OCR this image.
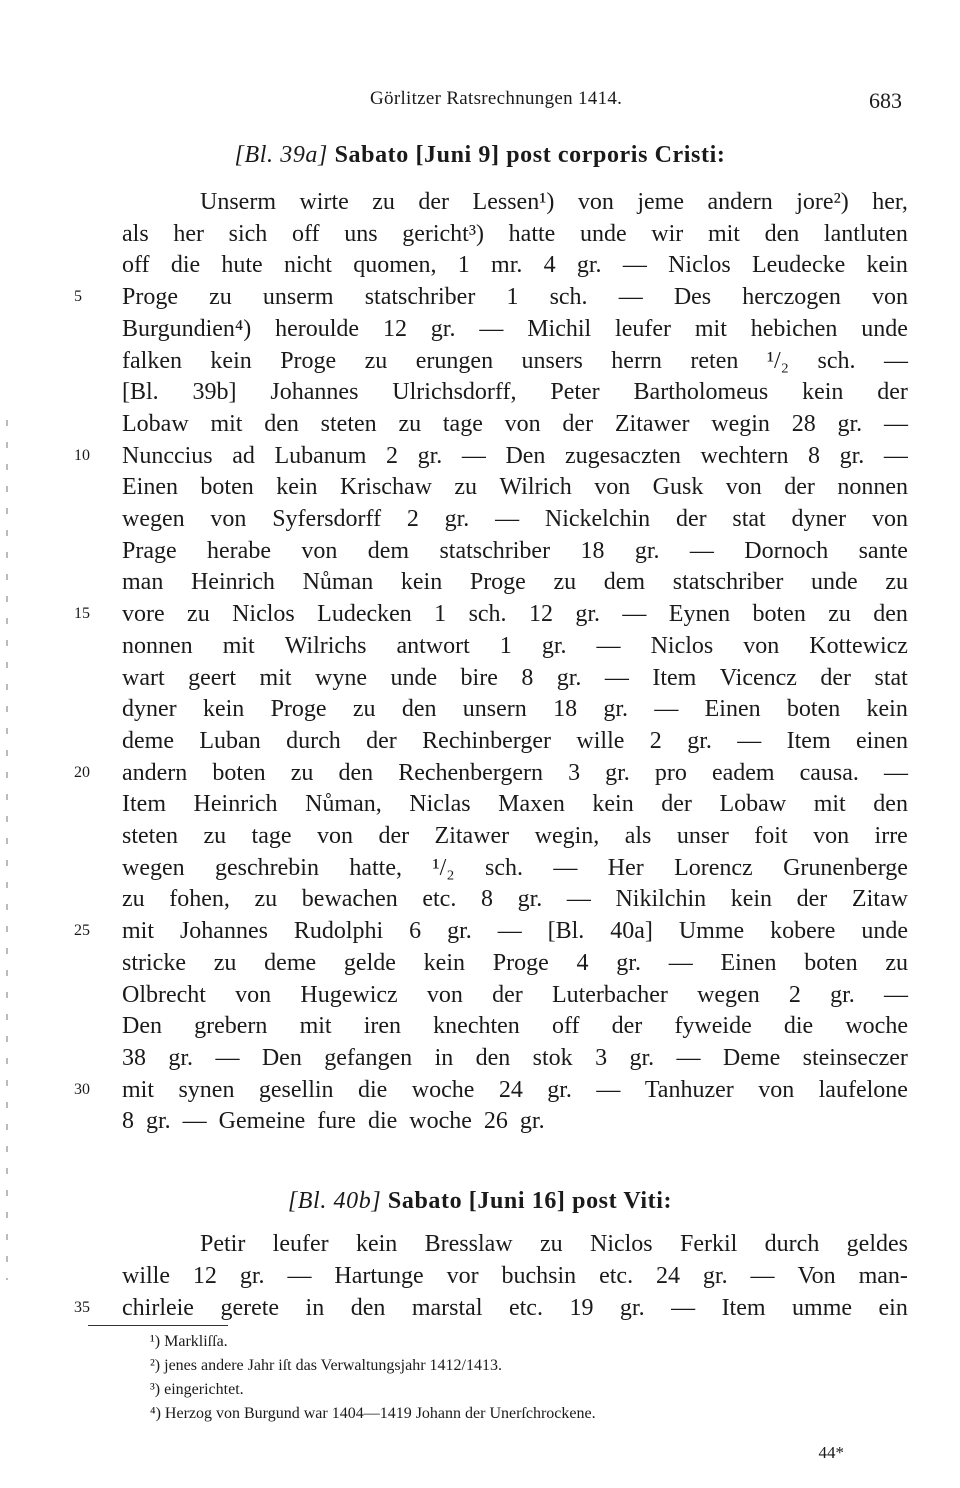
Görlitzer Ratsrechnungen 1414.	683
[Bl. 39a] Sabato [Juni 9] post corporis Cristi:
Unserm wirte zu der Lessen¹) von jeme andern jore²) her,
als her sich off uns gericht³) hatte unde wir mit den lantluten
off die hute nicht quomen, 1 mr. 4 gr. — Niclos Leudecke kein
Proge zu unserm statschriber 1 sch. — Des herczogen von
5
Burgundien⁴) heroulde 12 gr. — Michil leufer mit hebichen unde
falken kein Proge zu erungen unsers herrn reten ¹/₂ sch. —
[Bl. 39b] Johannes Ulrichsdorff, Peter Bartholomeus kein der
Lobaw mit den steten zu tage von der Zitawer wegin 28 gr. —
Nunccius ad Lubanum 2 gr. — Den zugesaczten wechtern 8 gr. —
10
Einen boten kein Krischaw zu Wilrich von Gusk von der nonnen
wegen von Syfersdorff 2 gr. — Nickelchin der stat dyner von
Prage herabe von dem statschriber 18 gr. — Dornoch sante
man Heinrich Nůman kein Proge zu dem statschriber unde zu
vore zu Niclos Ludecken 1 sch. 12 gr. — Eynen boten zu den
15
nonnen mit Wilrichs antwort 1 gr. — Niclos von Kottewicz
wart geert mit wyne unde bire 8 gr. — Item Vicencz der stat
dyner kein Proge zu den unsern 18 gr. — Einen boten kein
deme Luban durch der Rechinberger wille 2 gr. — Item einen
andern boten zu den Rechenbergern 3 gr. pro eadem causa. —
20
Item Heinrich Nůman, Niclas Maxen kein der Lobaw mit den
steten zu tage von der Zitawer wegin, als unser foit von irre
wegen geschrebin hatte, ¹/₂ sch. — Her Lorencz Grunenberge
zu fohen, zu bewachen etc. 8 gr. — Nikilchin kein der Zitaw
mit Johannes Rudolphi 6 gr. — [Bl. 40a] Umme kobere unde
25
stricke zu deme gelde kein Proge 4 gr. — Einen boten zu
Olbrecht von Hugewicz von der Luterbacher wegen 2 gr. —
Den grebern mit iren knechten off der fyweide die woche
38 gr. — Den gefangen in den stok 3 gr. — Deme steinseczer
mit synen gesellin die woche 24 gr. — Tanhuzer von laufelone
30
8 gr. — Gemeine fure die woche 26 gr.
[Bl. 40b] Sabato [Juni 16] post Viti:
Petir leufer kein Bresslaw zu Niclos Ferkil durch geldes
wille 12 gr. — Hartunge vor buchsin etc. 24 gr. — Von man-
chirleie gerete in den marstal etc. 19 gr. — Item umme ein
35
¹) Markliſſa.
²) jenes andere Jahr iſt das Verwaltungsjahr 1412/1413.
³) eingerichtet.
⁴) Herzog von Burgund war 1404—1419 Johann der Unerſchrockene.
44*
